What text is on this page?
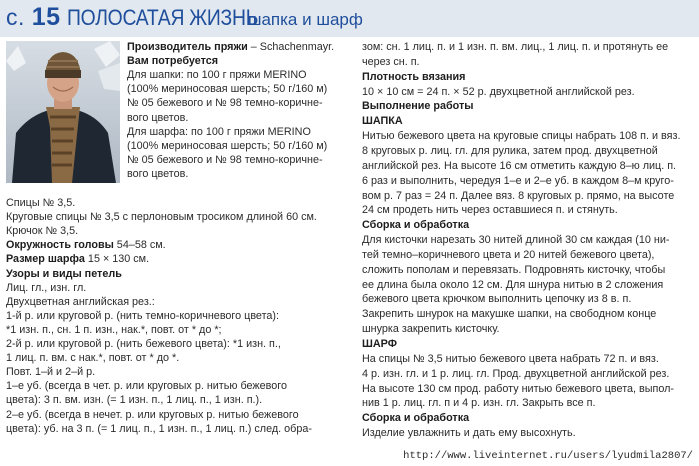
с. 15 ПОЛОСАТАЯ ЖИЗНЬ
шапка и шарф
Производитель пряжи – Schachenmayr.
Вам потребуется
Для шапки: по 100 г пряжи MERINO
(100% мериносовая шерсть; 50 г/160 м)
№ 05 бежевого и № 98 темно-коричне-
вого цветов.
Для шарфа: по 100 г пряжи MERINO
(100% мериносовая шерсть; 50 г/160 м)
№ 05 бежевого и № 98 темно-коричне-
вого цветов.
Спицы № 3,5.
Круговые спицы № 3,5 с перлоновым тросиком длиной 60 см.
Крючок № 3,5.
Окружность головы 54–58 см.
Размер шарфа 15 × 130 см.
Узоры и виды петель
Лиц. гл., изн. гл.
Двухцветная английская рез.:
1-й р. или круговой р. (нить темно-коричневого цвета):
*1 изн. п., сн. 1 п. изн., нак.*, повт. от * до *;
2-й р. или круговой р. (нить бежевого цвета): *1 изн. п.,
1 лиц. п. вм. с нак.*, повт. от * до *.
Повт. 1–й и 2–й р.
1–е уб. (всегда в чет. р. или круговых р. нитью бежевого
цвета): 3 п. вм. изн. (= 1 изн. п., 1 лиц. п., 1 изн. п.).
2–е уб. (всегда в нечет. р. или круговых р. нитью бежевого
цвета): уб. на 3 п. (= 1 лиц. п., 1 изн. п., 1 лиц. п.) след. обра-
зом: сн. 1 лиц. п. и 1 изн. п. вм. лиц., 1 лиц. п. и протянуть ее
через сн. п.
Плотность вязания
10 × 10 см = 24 п. × 52 р. двухцветной английской рез.
Выполнение работы
ШАПКА
Нитью бежевого цвета на круговые спицы набрать 108 п. и вяз.
8 круговых р. лиц. гл. для рулика, затем прод. двухцветной
английской рез. На высоте 16 см отметить каждую 8–ю лиц. п.
6 раз и выполнить, чередуя 1–е и 2–е уб. в каждом 8–м круго-
вом р. 7 раз = 24 п. Далее вяз. 8 круговых р. прямо, на высоте
24 см продеть нить через оставшиеся п. и стянуть.
Сборка и обработка
Для кисточки нарезать 30 нитей длиной 30 см каждая (10 ни-
тей темно–коричневого цвета и 20 нитей бежевого цвета),
сложить пополам и перевязать. Подровнять кисточку, чтобы
ее длина была около 12 см. Для шнура нитью в 2 сложения
бежевого цвета крючком выполнить цепочку из 8 в. п.
Закрепить шнурок на макушке шапки, на свободном конце
шнурка закрепить кисточку.
ШАРФ
На спицы № 3,5 нитью бежевого цвета набрать 72 п. и вяз.
4 р. изн. гл. и 1 р. лиц. гл. Прод. двухцветной английской рез.
На высоте 130 см прод. работу нитью бежевого цвета, выпол-
нив 1 р. лиц. гл. п и 4 р. изн. гл. Закрыть все п.
Сборка и обработка
Изделие увлажнить и дать ему высохнуть.
http://www.liveinternet.ru/users/lyudmila2807/
